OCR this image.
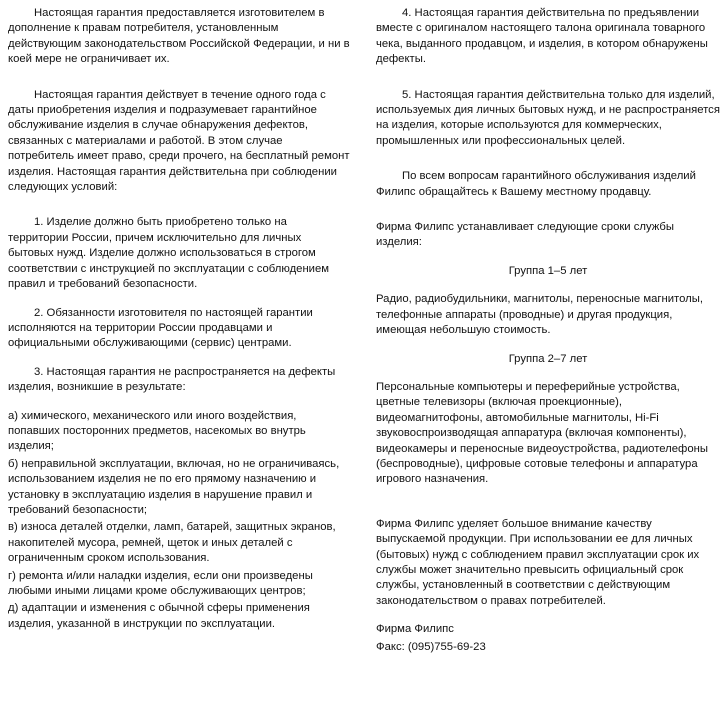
Настоящая гарантия предоставляется изготовителем в дополнение к правам потребителя, установленным действующим законодательством Российской Федерации, и ни в коей мере не ограничивает их.

Настоящая гарантия действует в течение одного года с даты приобретения изделия и подразумевает гарантийное обслуживание изделия в случае обнаружения дефектов, связанных с материалами и работой. В этом случае потребитель имеет право, среди прочего, на бесплатный ремонт изделия. Настоящая гарантия действительна при соблюдении следующих условий:

1. Изделие должно быть приобретено только на территории России, причем исключительно для личных бытовых нужд. Изделие должно использоваться в строгом соответствии с инструкцией по эксплуатации с соблюдением правил и требований безопасности.

2. Обязанности изготовителя по настоящей гарантии исполняются на территории России продавцами и официальными обслуживающими (сервис) центрами.

3. Настоящая гарантия не распространяется на дефекты изделия, возникшие в результате:

а) химического, механического или иного воздействия, попавших посторонних предметов, насекомых во внутрь изделия;

б) неправильной эксплуатации, включая, но не ограничиваясь, использованием изделия не по его прямому назначению и установку в эксплуатацию изделия в нарушение правил и требований безопасности;

в) износа деталей отделки, ламп, батарей, защитных экранов, накопителей мусора, ремней, щеток и иных деталей с ограниченным сроком использования.

г) ремонта и/или наладки изделия, если они произведены любыми иными лицами кроме обслуживающих центров;

д) адаптации и изменения с обычной сферы применения изделия, указанной в инструкции по эксплуатации.

4. Настоящая гарантия действительна по предъявлении вместе с оригиналом настоящего талона оригинала товарного чека, выданного продавцом, и изделия, в котором обнаружены дефекты.

5. Настоящая гарантия действительна только для изделий, используемых дия личных бытовых нужд, и не распространяется на изделия, которые используются для коммерческих, промышленных или профессиональных целей.

По всем вопросам гарантийного обслуживания изделий Филипс обращайтесь к Вашему местному продавцу.

Фирма Филипс устанавливает следующие сроки службы изделия:

Группа 1–5 лет

Радио, радиобудильники, магнитолы, переносные магнитолы, телефонные аппараты (проводные) и другая продукция, имеющая небольшую стоимость.

Группа 2–7 лет

Персональные компьютеры и переферийные устройства, цветные телевизоры (включая проекционные), видеомагнитофоны, автомобильные магнитолы, Hi-Fi звуковоспроизводящая аппаратура (включая компоненты), видеокамеры и переносные видеоустройства, радиотелефоны (беспроводные), цифровые сотовые телефоны и аппаратура игрового назначения.

Фирма Филипс уделяет большое внимание качеству выпускаемой продукции. При использовании ее для личных (бытовых) нужд с соблюдением правил эксплуатации срок их службы может значительно превысить официальный срок службы, установленный в соответствии с действующим законодательством о правах потребителей.

Фирма Филипс

Факс: (095)755-69-23
